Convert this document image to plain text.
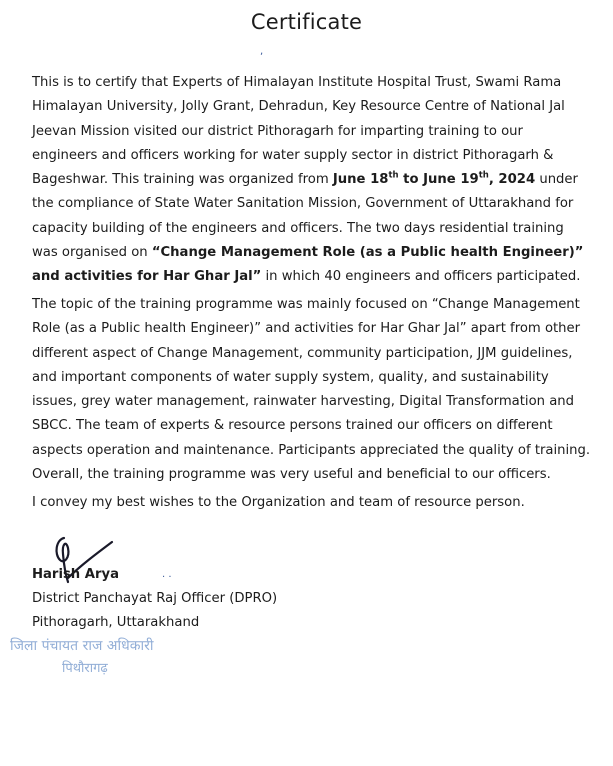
Certificate
,

This is to certify that Experts of Himalayan Institute Hospital Trust, Swami Rama Himalayan University, Jolly Grant, Dehradun, Key Resource Centre of National Jal Jeevan Mission visited our district Pithoragarh for imparting training to our engineers and officers working for water supply sector in district Pithoragarh & Bageshwar. This training was organized from June 18th to June 19th, 2024 under the compliance of State Water Sanitation Mission, Government of Uttarakhand for capacity building of the engineers and officers. The two days residential training was organised on “Change Management Role (as a Public health Engineer)” and activities for Har Ghar Jal” in which 40 engineers and officers participated.

The topic of the training programme was mainly focused on “Change Management Role (as a Public health Engineer)” and activities for Har Ghar Jal” apart from other different aspect of Change Management, community participation, JJM guidelines, and important components of water supply system, quality, and sustainability issues, grey water management, rainwater harvesting, Digital Transformation and SBCC. The team of experts & resource persons trained our officers on different aspects operation and maintenance. Participants appreciated the quality of training. Overall, the training programme was very useful and beneficial to our officers.

I convey my best wishes to the Organization and team of resource person.

Harish Arya
District Panchayat Raj Officer (DPRO)
Pithoragarh, Uttarakhand
· ·
जिला पंचायत राज अधिकारी
पिथौरागढ़
